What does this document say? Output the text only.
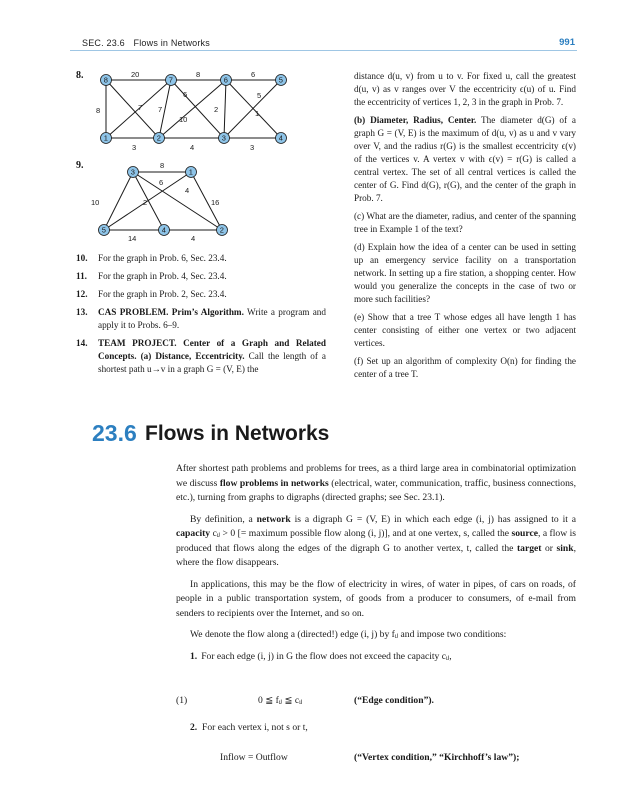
SEC. 23.6 Flows in Networks	991
8.	20	8	6
6	5
8	7 7	2
10
1
3	4	3
8	7	6	5
1	2	3	4
9.	8
6
4
10	2	16
14	4
3	1
5	4	2
10. For the graph in Prob. 6, Sec. 23.4.
11. For the graph in Prob. 4, Sec. 23.4.
12. For the graph in Prob. 2, Sec. 23.4.
13. CAS PROBLEM. Prim’s Algorithm. Write a program and apply it to Probs. 6–9.
14. TEAM PROJECT. Center of a Graph and Related Concepts. (a) Distance, Eccentricity. Call the length of a shortest path u→v in a graph G = (V, E) the

distance d(u, v) from u to v. For fixed u, call the greatest d(u, v) as v ranges over V the eccentricity ϵ(u) of u. Find the eccentricity of vertices 1, 2, 3 in the graph in Prob. 7.

(b) Diameter, Radius, Center. The diameter d(G) of a graph G = (V, E) is the maximum of d(u, v) as u and v vary over V, and the radius r(G) is the smallest eccentricity ϵ(v) of the vertices v. A vertex v with ϵ(v) = r(G) is called a central vertex. The set of all central vertices is called the center of G. Find d(G), r(G), and the center of the graph in Prob. 7.

(c) What are the diameter, radius, and center of the spanning tree in Example 1 of the text?

(d) Explain how the idea of a center can be used in setting up an emergency service facility on a transportation network. In setting up a fire station, a shopping center. How would you generalize the concepts in the case of two or more such facilities?

(e) Show that a tree T whose edges all have length 1 has center consisting of either one vertex or two adjacent vertices.

(f) Set up an algorithm of complexity O(n) for finding the center of a tree T.

23.6 Flows in Networks

After shortest path problems and problems for trees, as a third large area in combinatorial optimization we discuss flow problems in networks (electrical, water, communication, traffic, business connections, etc.), turning from graphs to digraphs (directed graphs; see Sec. 23.1).

By definition, a network is a digraph G = (V, E) in which each edge (i, j) has assigned to it a capacity cᵢⱼ > 0 [= maximum possible flow along (i, j)], and at one vertex, s, called the source, a flow is produced that flows along the edges of the digraph G to another vertex, t, called the target or sink, where the flow disappears.

In applications, this may be the flow of electricity in wires, of water in pipes, of cars on roads, of people in a public transportation system, of goods from a producer to consumers, of e-mail from senders to recipients over the Internet, and so on.

We denote the flow along a (directed!) edge (i, j) by fᵢⱼ and impose two conditions:

1. For each edge (i, j) in G the flow does not exceed the capacity cᵢⱼ,
(1)	0 ≦ fᵢⱼ ≦ cᵢⱼ	(“Edge condition”).
2. For each vertex i, not s or t,
Inflow = Outflow	(“Vertex condition,” “Kirchhoff’s law”);
